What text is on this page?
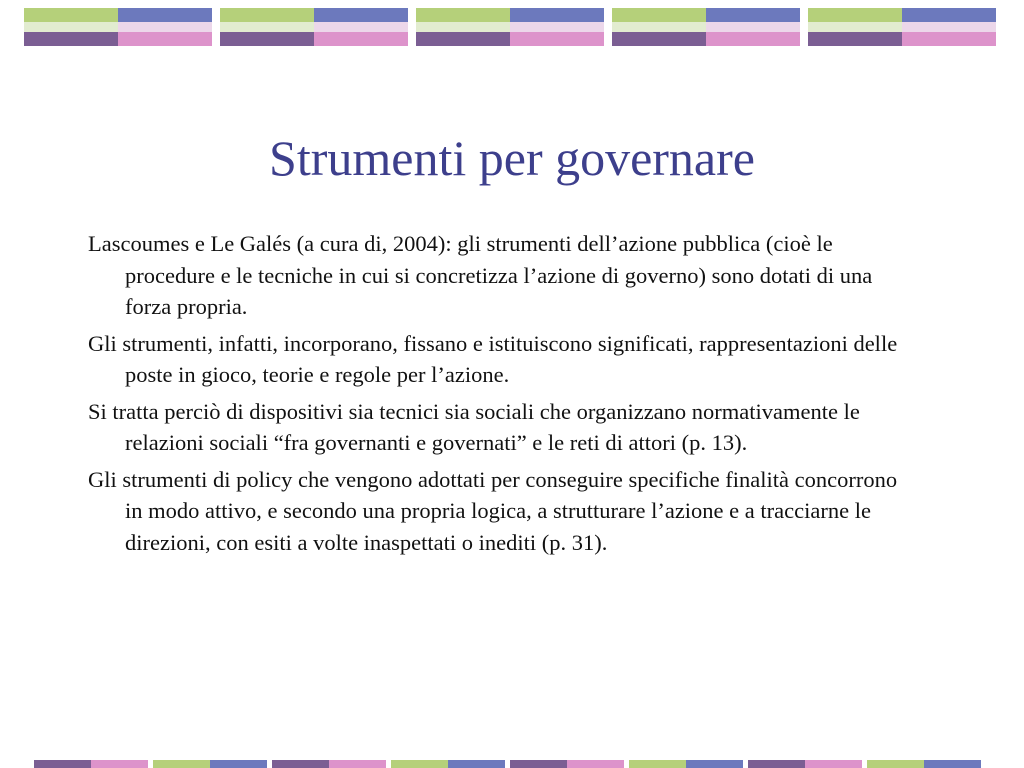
Strumenti per governare

Lascoumes e Le Galés (a cura di, 2004): gli strumenti dell’azione pubblica (cioè le procedure e le tecniche in cui si concretizza l’azione di governo) sono dotati di una forza propria.

Gli strumenti, infatti, incorporano, fissano e istituiscono significati, rappresentazioni delle poste in gioco, teorie e regole per l’azione.

Si tratta perciò di dispositivi sia tecnici sia sociali che organizzano normativamente le relazioni sociali “fra governanti e governati” e le reti di attori (p. 13).

Gli strumenti di policy che vengono adottati per conseguire specifiche finalità concorrono in modo attivo, e secondo una propria logica, a strutturare l’azione e a tracciarne le direzioni, con esiti a volte inaspettati o inediti (p. 31).
